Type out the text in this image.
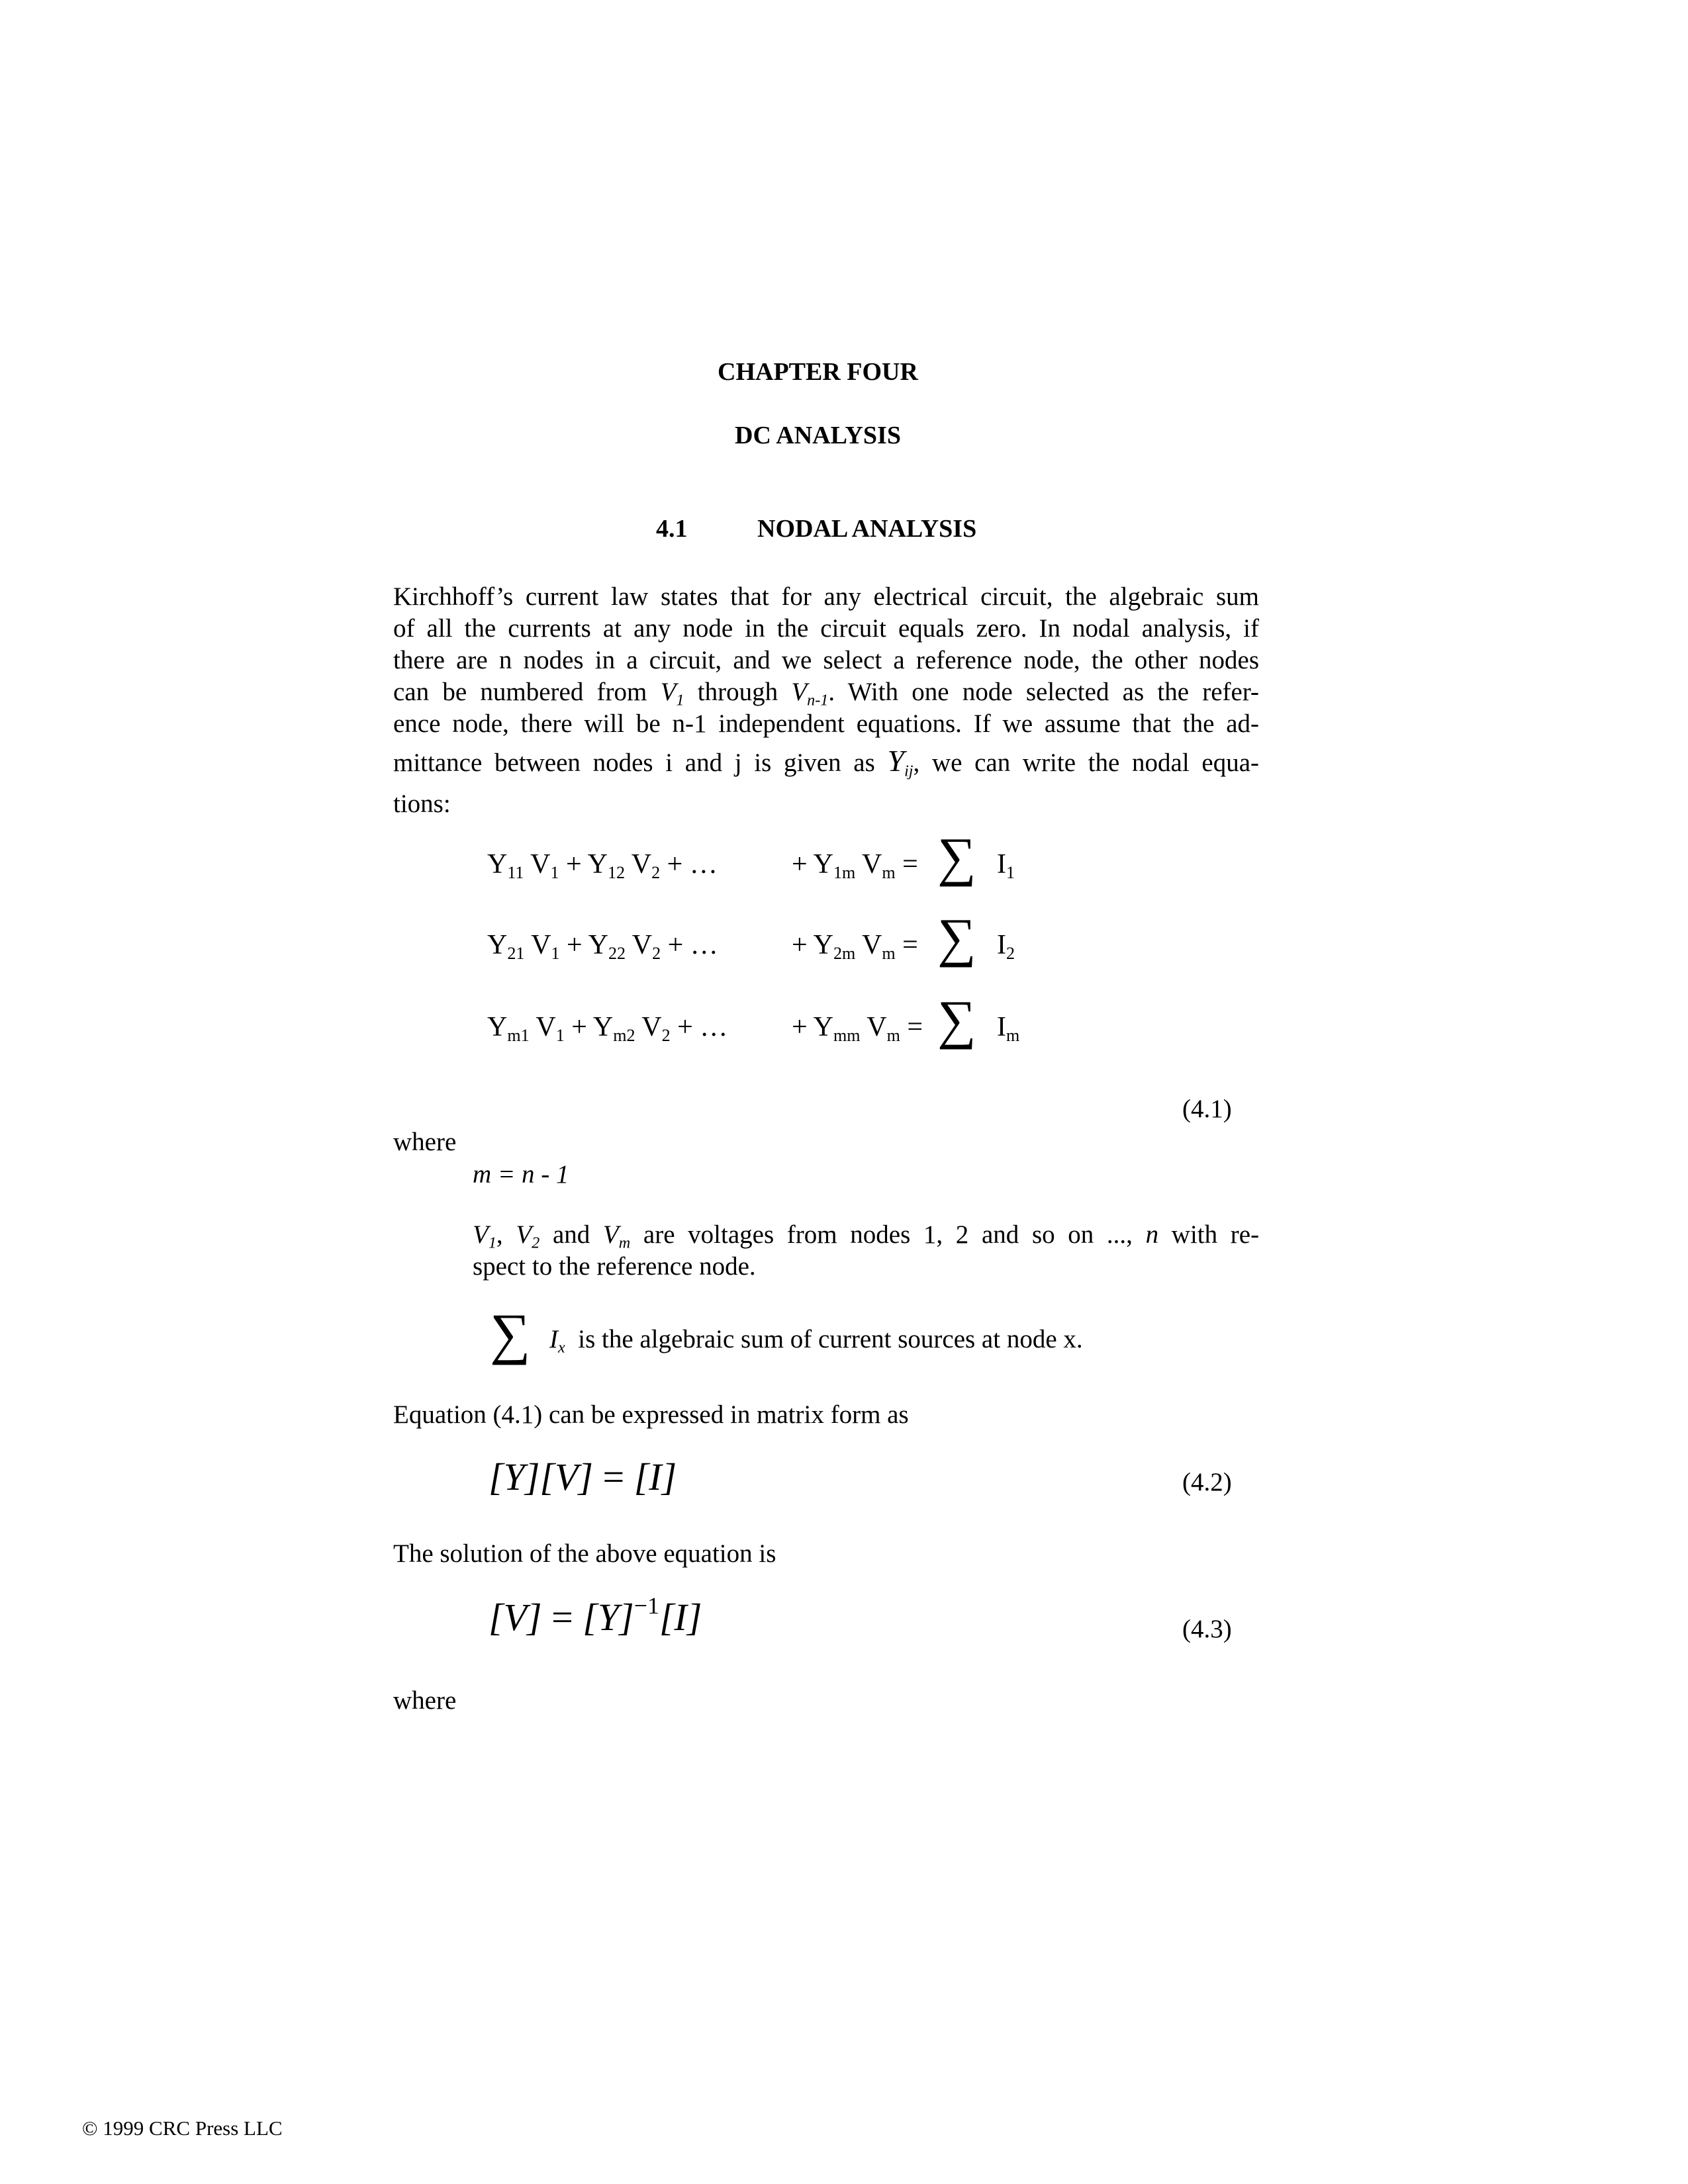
CHAPTER FOUR
DC ANALYSIS
4.1	NODAL ANALYSIS
Kirchhoff’s current law states that for any electrical circuit, the algebraic sum
of all the currents at any node in the circuit equals zero. In nodal analysis, if
there are n nodes in a circuit, and we select a reference node, the other nodes
can be numbered from $V_1$ through $V_{n-1}$. With one node selected as the refer-
ence node, there will be n-1 independent equations. If we assume that the ad-
mittance between nodes i and j is given as $Y_{ij}$, we can write the nodal equa-
tions:
$Y_{11}$ $V_1 + Y_{12}$ $V_2$ + …	+ $Y_{1m}$ $V_m$ = ∑ $I_1$
$Y_{21}$ $V_1 + Y_{22}$ $V_2$ + …	+ $Y_{2m}$ $V_m$ = ∑ $I_2$
$Y_{m1}$ $V_1 + Y_{m2}$ $V_2$ + … + $Y_{mm}$ $V_m$ = ∑ $I_m$
(4.1)
where
m = n - 1
$V_1$, $V_2$ and $V_m$ are voltages from nodes 1, 2 and so on ..., n with re-
spect to the reference node.
∑ $I_x$ is the algebraic sum of current sources at node x.
Equation (4.1) can be expressed in matrix form as
[Y][V] = [I]	(4.2)
The solution of the above equation is
$[V] = [Y]^{-1}[I]$	(4.3)
where
© 1999 CRC Press LLC
